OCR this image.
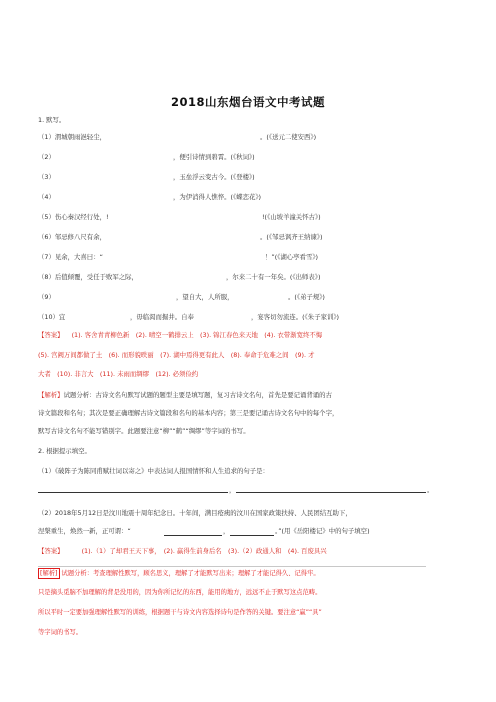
2018山东烟台语文中考试题
1. 默写。
（1）渭城朝雨浥轻尘，	。(《送元二使安西》)
（2）	，便引诗情到碧霄。(《秋词》)
（3）	，玉垒浮云变古今。(《登楼》)
（4）	，为伊消得人憔悴。(《蝶恋花》)
（5）伤心秦汉经行处，!	!(《山坡羊潼关怀古》)
（6）邹忌修八尺有余，	。(《邹忌讽齐王纳谏》)
（7）见余，大喜曰：“	！”(《湖心亭看雪》)
（8）后值倾覆，受任于败军之际，	，尔来二十有一年矣。(《出师表》)
（9）	，望自大，人所服，	。(《弟子规》)
（10）宜	，毋临渴而掘井。自奉	，宴客切勿流连。(《朱子家训》)
【答案】 (1). 客舍青青柳色新　(2). 晴空一鹤排云上　(3). 锦江春色来天地　(4). 衣带渐宽终不悔
(5). 宫阙万间都做了土　(6). 而形貌昳丽　(7). 湖中焉得更有此人　(8). 奉命于危难之间　(9). 才
大者　(10). 非言大　(11). 未雨而绸缪　(12). 必须俭约
【解析】试题分析：古诗文名句默写试题的题型主要是填写题，复习古诗文名句，首先是要记诵背诵的古
诗文篇段和名句；其次是要正确理解古诗文篇段和名句的基本内容；第三是要记诵古诗文名句中的每个字，
默写古诗文名句不能写错别字。此题要注意“柳”“鹤”“绸缪”等字词的书写。
2. 根据提示填空。
（1）《破阵子为陈同甫赋壮词以寄之》中表达词人报国情怀和人生追求的句子是：
，	。
（2）2018年5月12日是汶川地震十周年纪念日。十年间，满目疮痍的汶川在国家政策扶持、人民团结互助下，
涅槃重生，焕然一新，正可谓：“	，	。”(用《岳阳楼记》中的句子填空)
【答案】	(1).（1）了却君王天下事，　(2). 赢得生前身后名　(3).（2）政通人和　(4). 百废具兴
[解析] 试题分析：考查理解性默写，顾名思义，理解了才能默写出来；理解了才能记得久、记得牢。
只是摘头觅脑不加理解的背是没用的，因为你所记忆的东西，能用的地方，远远不止于默写这点范畴。
所以平时一定要加强理解性默写的训练，根据题干与诗文内容选择诗句是作答的关键。要注意“赢”“具”
等字词的书写。
